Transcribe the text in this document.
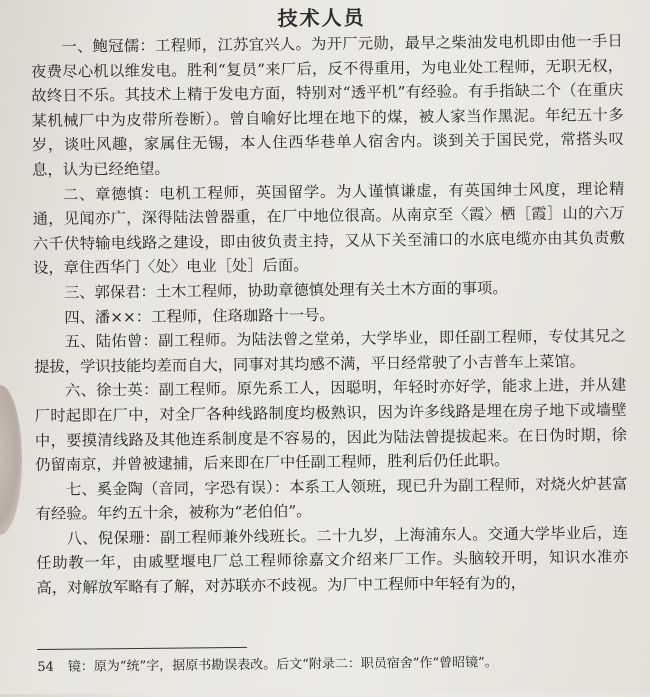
技术人员

一、鲍冠儒：工程师，江苏宜兴人。为开厂元勋，最早之柴油发电机即由他一手日夜费尽心机以维发电。胜利“复员”来厂后，反不得重用，为电业处工程师，无职无权，故终日不乐。其技术上精于发电方面，特别对“透平机”有经验。有手指缺二个（在重庆某机械厂中为皮带所卷断）。曾自喻好比埋在地下的煤，被人家当作黑泥。年纪五十多岁，谈吐风趣，家属住无锡，本人住西华巷单人宿舍内。谈到关于国民党，常搭头叹息，认为已经绝望。

二、章德慎：电机工程师，英国留学。为人谨慎谦虚，有英国绅士风度，理论精通，见闻亦广，深得陆法曾器重，在厂中地位很高。从南京至〈霞〉栖［霞］山的六万六千伏特输电线路之建设，即由彼负责主持，又从下关至浦口的水底电缆亦由其负责敷设，章住西华门〈处〉电业［处］后面。

三、郭保君：土木工程师，协助章德慎处理有关土木方面的事项。

四、潘××：工程师，住珞珈路十一号。

五、陆佑曾：副工程师。为陆法曾之堂弟，大学毕业，即任副工程师，专仗其兄之提拔，学识技能均差而自大，同事对其均感不满，平日经常驶了小吉普车上菜馆。

六、徐士英：副工程师。原先系工人，因聪明，年轻时亦好学，能求上进，并从建厂时起即在厂中，对全厂各种线路制度均极熟识，因为许多线路是埋在房子地下或墙壁中，要摸清线路及其他连系制度是不容易的，因此为陆法曾提拔起来。在日伪时期，徐仍留南京，并曾被逮捕，后来即在厂中任副工程师，胜利后仍任此职。

七、奚金陶（音同，字恐有误）：本系工人领班，现已升为副工程师，对烧火炉甚富有经验。年约五十余，被称为“老伯伯”。

八、倪保珊：副工程师兼外线班长。二十九岁，上海浦东人。交通大学毕业后，连任助教一年，由戚墅堰电厂总工程师徐嘉文介绍来厂工作。头脑较开明，知识水准亦高，对解放军略有了解，对苏联亦不歧视。为厂中工程师中年轻有为的，

54 镜：原为“统”字，据原书勘误表改。后文“附录二：职员宿舍”作“曾昭镜”。
